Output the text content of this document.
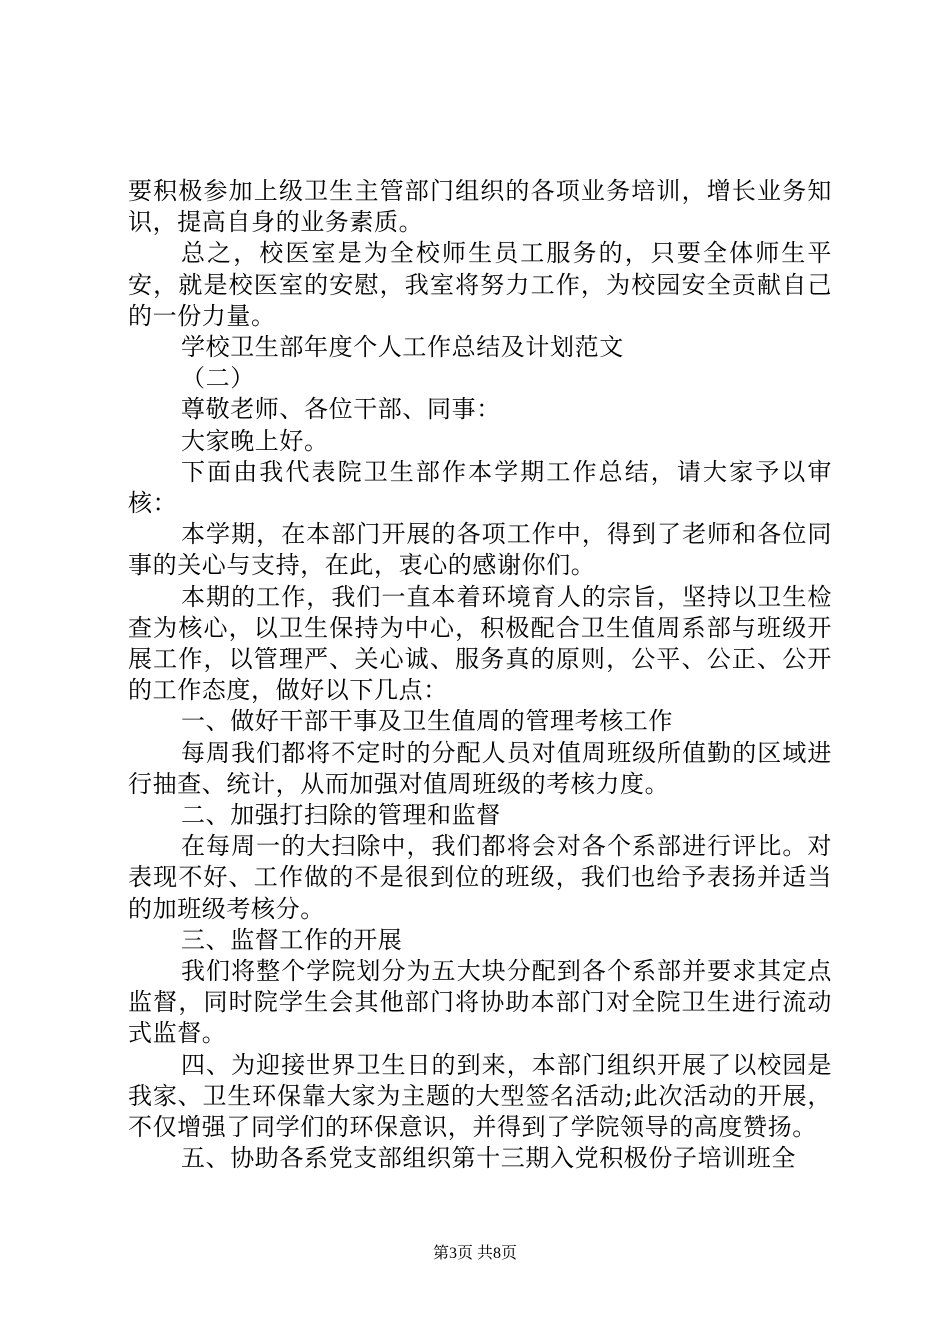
要积极参加上级卫生主管部门组织的各项业务培训，增长业务知识，提高自身的业务素质。

总之，校医室是为全校师生员工服务的，只要全体师生平安，就是校医室的安慰，我室将努力工作，为校园安全贡献自己的一份力量。

学校卫生部年度个人工作总结及计划范文

（二）

尊敬老师、各位干部、同事：

大家晚上好。

下面由我代表院卫生部作本学期工作总结，请大家予以审核：

本学期，在本部门开展的各项工作中，得到了老师和各位同事的关心与支持，在此，衷心的感谢你们。

本期的工作，我们一直本着环境育人的宗旨，坚持以卫生检查为核心，以卫生保持为中心，积极配合卫生值周系部与班级开展工作，以管理严、关心诚、服务真的原则，公平、公正、公开的工作态度，做好以下几点：

一、做好干部干事及卫生值周的管理考核工作

每周我们都将不定时的分配人员对值周班级所值勤的区域进行抽查、统计，从而加强对值周班级的考核力度。

二、加强打扫除的管理和监督

在每周一的大扫除中，我们都将会对各个系部进行评比。对表现不好、工作做的不是很到位的班级，我们也给予表扬并适当的加班级考核分。

三、监督工作的开展

我们将整个学院划分为五大块分配到各个系部并要求其定点监督，同时院学生会其他部门将协助本部门对全院卫生进行流动式监督。

四、为迎接世界卫生日的到来，本部门组织开展了以校园是我家、卫生环保靠大家为主题的大型签名活动;此次活动的开展，不仅增强了同学们的环保意识，并得到了学院领导的高度赞扬。

五、协助各系党支部组织第十三期入党积极份子培训班全

第3页 共8页
